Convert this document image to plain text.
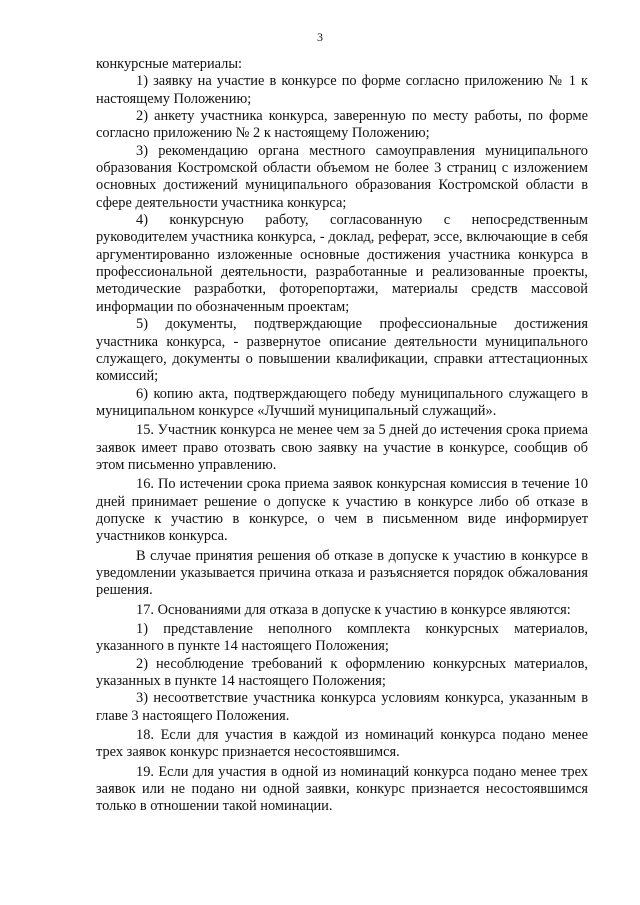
3

конкурсные материалы:

1) заявку на участие в конкурсе по форме согласно приложению № 1 к настоящему Положению;

2) анкету участника конкурса, заверенную по месту работы, по форме согласно приложению № 2 к настоящему Положению;

3) рекомендацию органа местного самоуправления муниципального образования Костромской области объемом не более 3 страниц с изложением основных достижений муниципального образования Костромской области в сфере деятельности участника конкурса;

4) конкурсную работу, согласованную с непосредственным руководителем участника конкурса, - доклад, реферат, эссе, включающие в себя аргументированно изложенные основные достижения участника конкурса в профессиональной деятельности, разработанные и реализованные проекты, методические разработки, фоторепортажи, материалы средств массовой информации по обозначенным проектам;

5) документы, подтверждающие профессиональные достижения участника конкурса, - развернутое описание деятельности муниципального служащего, документы о повышении квалификации, справки аттестационных комиссий;

6) копию акта, подтверждающего победу муниципального служащего в муниципальном конкурсе «Лучший муниципальный служащий».

15. Участник конкурса не менее чем за 5 дней до истечения срока приема заявок имеет право отозвать свою заявку на участие в конкурсе, сообщив об этом письменно управлению.

16. По истечении срока приема заявок конкурсная комиссия в течение 10 дней принимает решение о допуске к участию в конкурсе либо об отказе в допуске к участию в конкурсе, о чем в письменном виде информирует участников конкурса.

В случае принятия решения об отказе в допуске к участию в конкурсе в уведомлении указывается причина отказа и разъясняется порядок обжалования решения.

17. Основаниями для отказа в допуске к участию в конкурсе являются:

1) представление неполного комплекта конкурсных материалов, указанного в пункте 14 настоящего Положения;

2) несоблюдение требований к оформлению конкурсных материалов, указанных в пункте 14 настоящего Положения;

3) несоответствие участника конкурса условиям конкурса, указанным в главе 3 настоящего Положения.

18. Если для участия в каждой из номинаций конкурса подано менее трех заявок конкурс признается несостоявшимся.

19. Если для участия в одной из номинаций конкурса подано менее трех заявок или не подано ни одной заявки, конкурс признается несостоявшимся только в отношении такой номинации.
